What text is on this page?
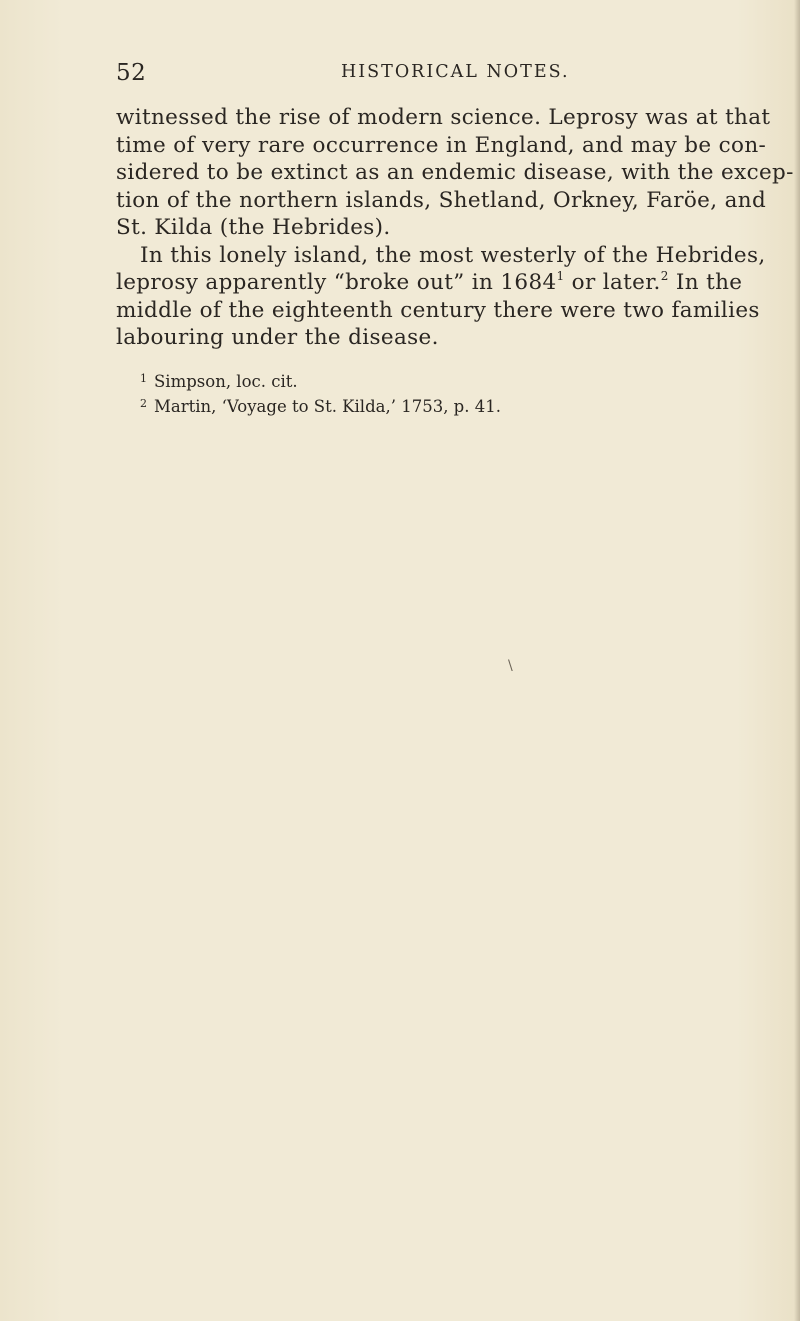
52	HISTORICAL NOTES.
witnessed the rise of modern science. Leprosy was at that
time of very rare occurrence in England, and may be con-
sidered to be extinct as an endemic disease, with the excep-
tion of the northern islands, Shetland, Orkney, Faröe, and
St. Kilda (the Hebrides).
In this lonely island, the most westerly of the Hebrides,
leprosy apparently “broke out” in 1684$^1$ or later.$^2$ In the
middle of the eighteenth century there were two families
labouring under the disease.
1 Simpson, loc. cit.
2 Martin, ‘Voyage to St. Kilda,’ 1753, p. 41.
\
